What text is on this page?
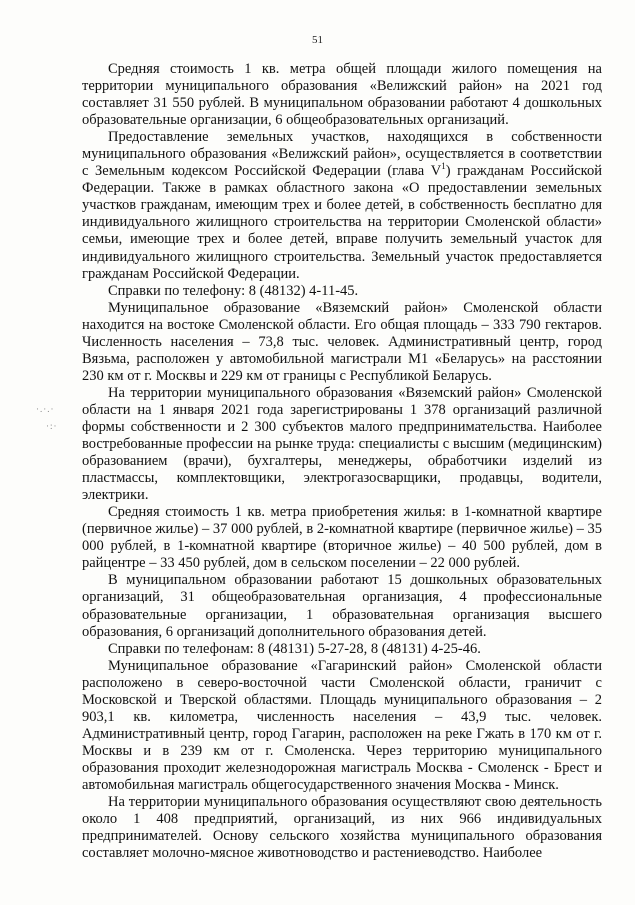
51
·.·.·
·:·

Средняя стоимость 1 кв. метра общей площади жилого помещения на территории муниципального образования «Велижский район» на 2021 год составляет 31 550 рублей. В муниципальном образовании работают 4 дошкольных образовательные организации, 6 общеобразовательных организаций.

Предоставление земельных участков, находящихся в собственности муниципального образования «Велижский район», осуществляется в соответствии с Земельным кодексом Российской Федерации (глава $V^1$) гражданам Российской Федерации. Также в рамках областного закона «О предоставлении земельных участков гражданам, имеющим трех и более детей, в собственность бесплатно для индивидуального жилищного строительства на территории Смоленской области» семьи, имеющие трех и более детей, вправе получить земельный участок для индивидуального жилищного строительства. Земельный участок предоставляется гражданам Российской Федерации.

Справки по телефону: 8 (48132) 4-11-45.

Муниципальное образование «Вяземский район» Смоленской области находится на востоке Смоленской области. Его общая площадь – 333 790 гектаров. Численность населения – 73,8 тыс. человек. Административный центр, город Вязьма, расположен у автомобильной магистрали М1 «Беларусь» на расстоянии 230 км от г. Москвы и 229 км от границы с Республикой Беларусь.

На территории муниципального образования «Вяземский район» Смоленской области на 1 января 2021 года зарегистрированы 1 378 организаций различной формы собственности и 2 300 субъектов малого предпринимательства. Наиболее востребованные профессии на рынке труда: специалисты с высшим (медицинским) образованием (врачи), бухгалтеры, менеджеры, обработчики изделий из пластмассы, комплектовщики, электрогазосварщики, продавцы, водители, электрики.

Средняя стоимость 1 кв. метра приобретения жилья: в 1-комнатной квартире (первичное жилье) – 37 000 рублей, в 2-комнатной квартире (первичное жилье) – 35 000 рублей, в 1-комнатной квартире (вторичное жилье) – 40 500 рублей, дом в райцентре – 33 450 рублей, дом в сельском поселении – 22 000 рублей.

В муниципальном образовании работают 15 дошкольных образовательных организаций, 31 общеобразовательная организация, 4 профессиональные образовательные организации, 1 образовательная организация высшего образования, 6 организаций дополнительного образования детей.

Справки по телефонам: 8 (48131) 5-27-28, 8 (48131) 4-25-46.

Муниципальное образование «Гагаринский район» Смоленской области расположено в северо-восточной части Смоленской области, граничит с Московской и Тверской областями. Площадь муниципального образования – 2 903,1 кв. километра, численность населения – 43,9 тыс. человек. Административный центр, город Гагарин, расположен на реке Гжать в 170 км от г. Москвы и в 239 км от г. Смоленска. Через территорию муниципального образования проходит железнодорожная магистраль Москва - Смоленск - Брест и автомобильная магистраль общегосударственного значения Москва - Минск.

На территории муниципального образования осуществляют свою деятельность около 1 408 предприятий, организаций, из них 966 индивидуальных предпринимателей. Основу сельского хозяйства муниципального образования составляет молочно-мясное животноводство и растениеводство. Наиболее
